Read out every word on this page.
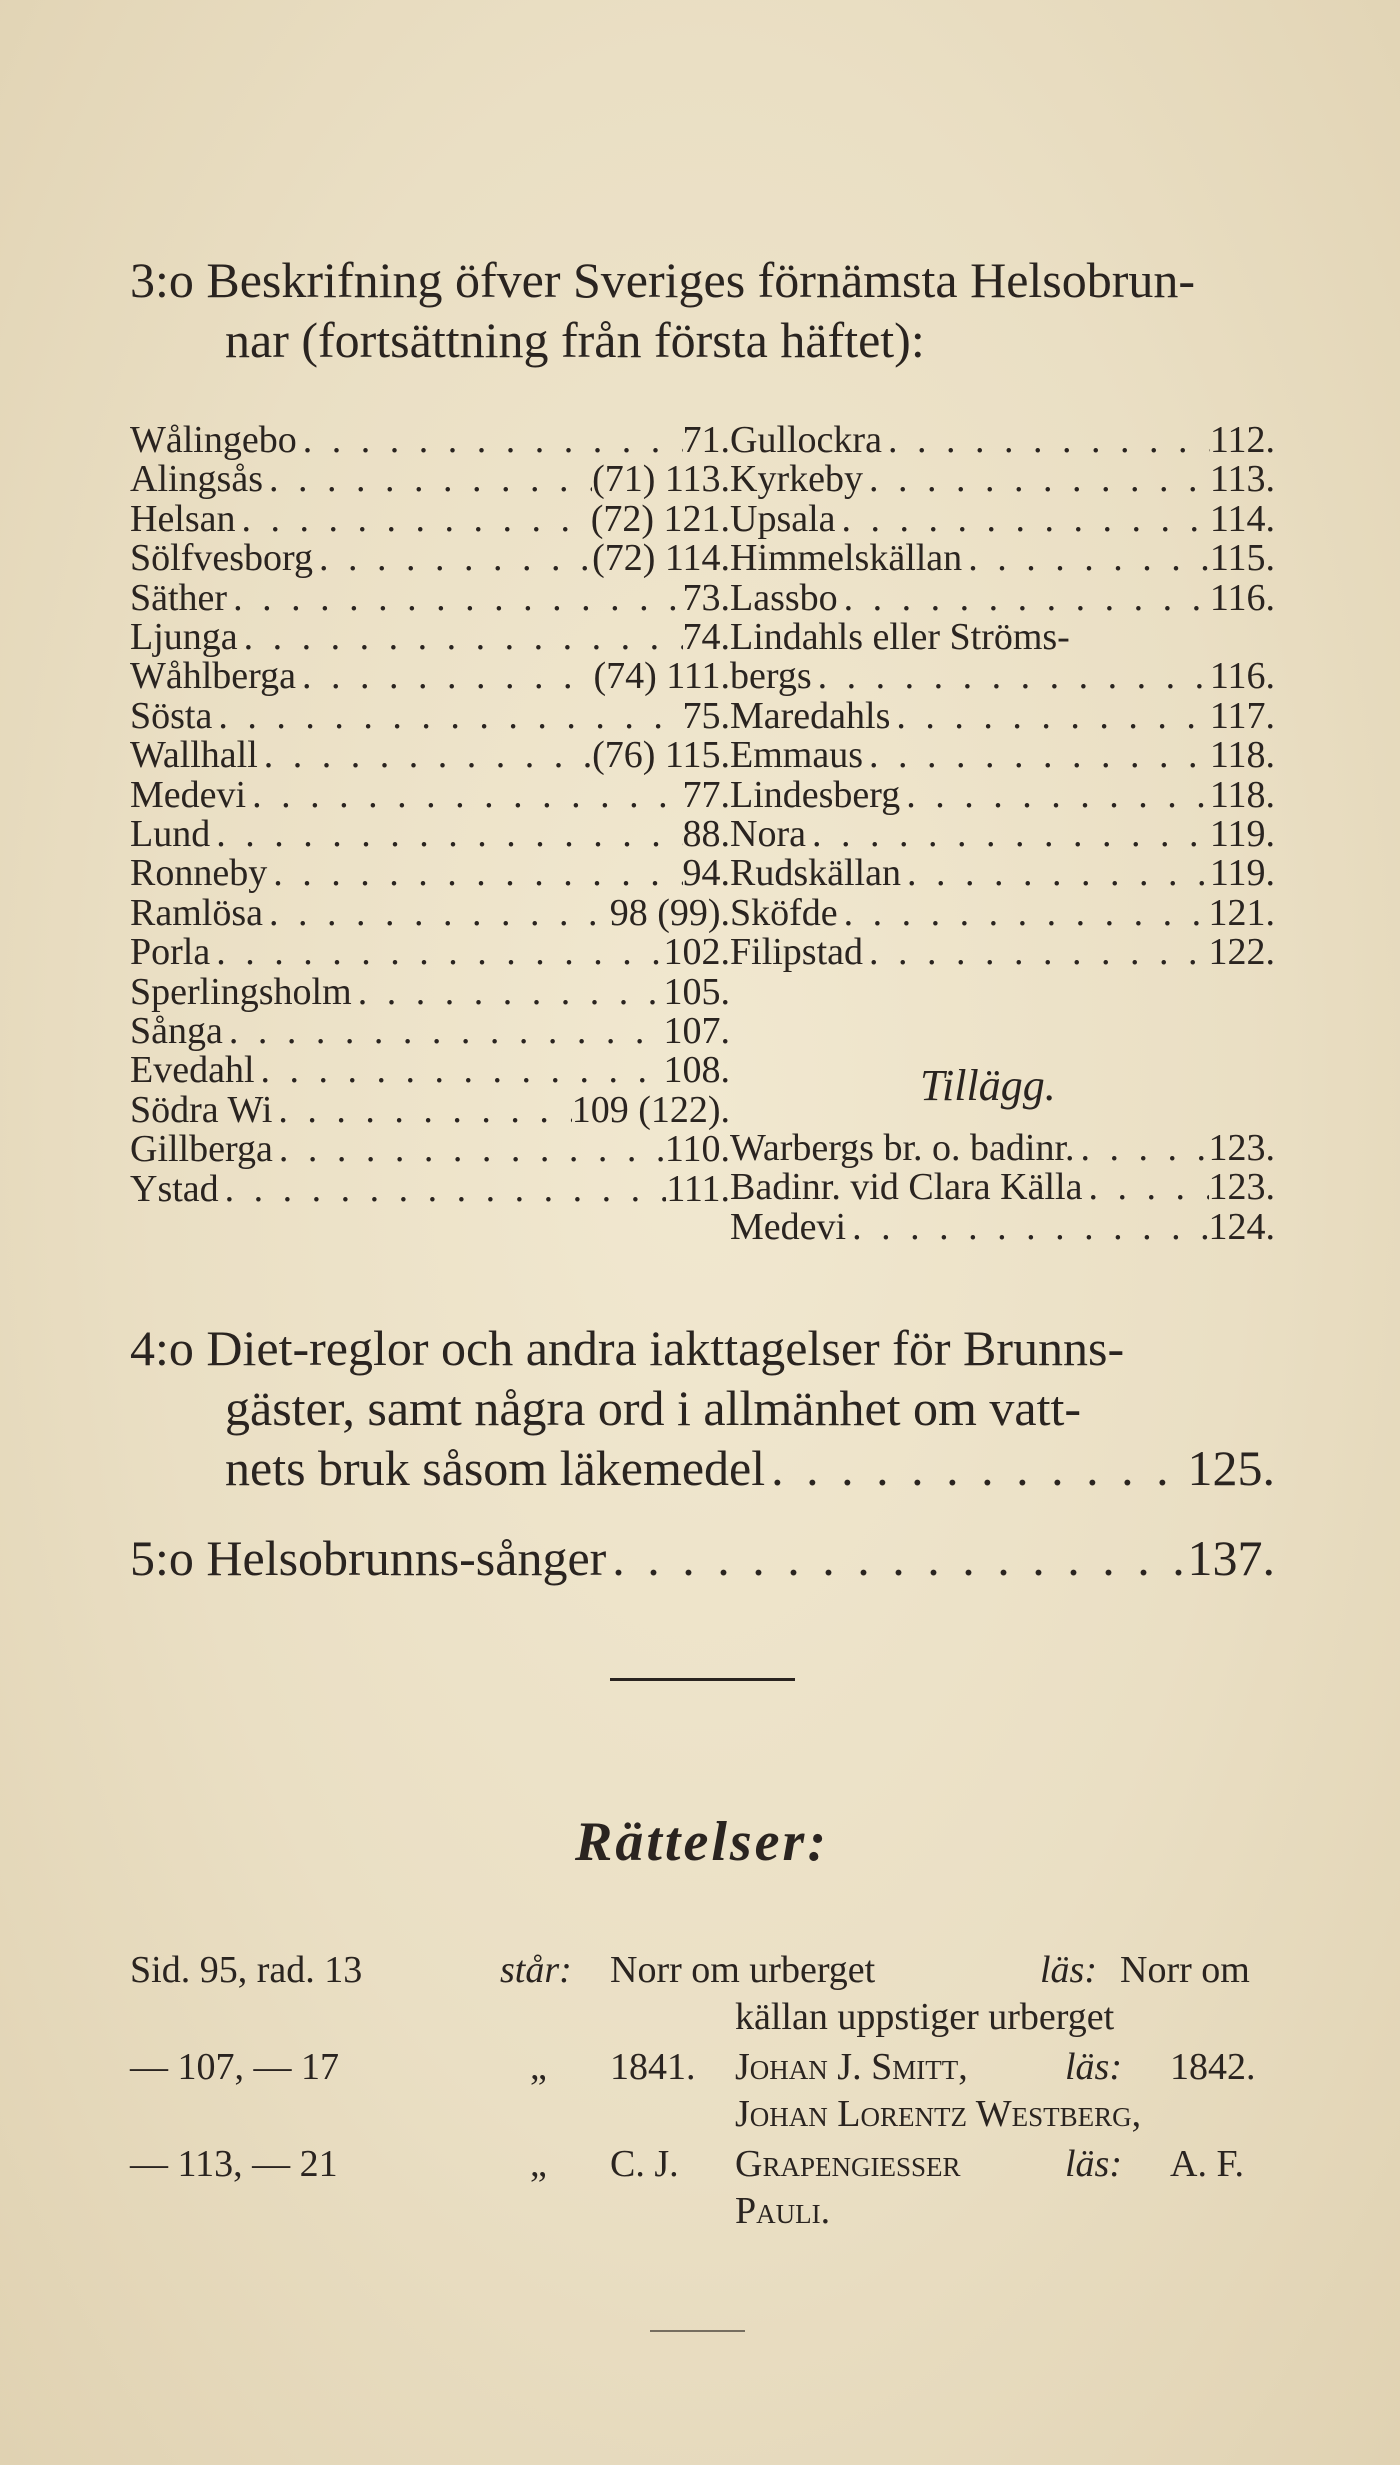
3:o Beskrifning öfver Sveriges förnämsta Helsobrun-
nar (fortsättning från första häftet):
Wålingebo . . .	71.
Alingsås . . .	(71) 113.
Helsan . . .	(72) 121.
Sölfvesborg . . .	(72) 114.
Säther . . .	73.
Ljunga . . .	74.
Wåhlberga . . .	(74) 111.
Sösta . . .	75.
Wallhall . . .	(76) 115.
Medevi . . .	77.
Lund . . .	88.
Ronneby . . .	94.
Ramlösa . . .	98 (99).
Porla . . .	102.
Sperlingsholm . . .	105.
Sånga . . .	107.
Evedahl . . .	108.
Södra Wi . . .	109 (122).
Gillberga . . .	110.
Ystad . . .	111.
Gullockra . . .	112.
Kyrkeby . . .	113.
Upsala . . .	114.
Himmelskällan . . .	115.
Lassbo . . .	116.
Lindahls eller Ströms-
bergs . . .	116.
Maredahls . . .	117.
Emmaus . . .	118.
Lindesberg . . .	118.
Nora . . .	119.
Rudskällan . . .	119.
Sköfde . . .	121.
Filipstad . . .	122.
Tillägg.
Warbergs br. o. badinr. . . .	123.
Badinr. vid Clara Källa . . .	123.
Medevi . . .	124.
4:o Diet-reglor och andra iakttagelser för Brunns-
gäster, samt några ord i allmänhet om vatt-
nets bruk såsom läkemedel . . .	125.
5:o Helsobrunns-sånger . . .	137.
Rättelser:
Sid. 95, rad. 13	står: Norr om urberget	läs: Norr om
källan uppstiger urberget
— 107, — 17	„ 1841. Johan J. Smitt,	läs: 1842.
Johan Lorentz Westberg,
— 113, — 21	„ C. J. Grapengiesser	läs: A. F.
Pauli.
